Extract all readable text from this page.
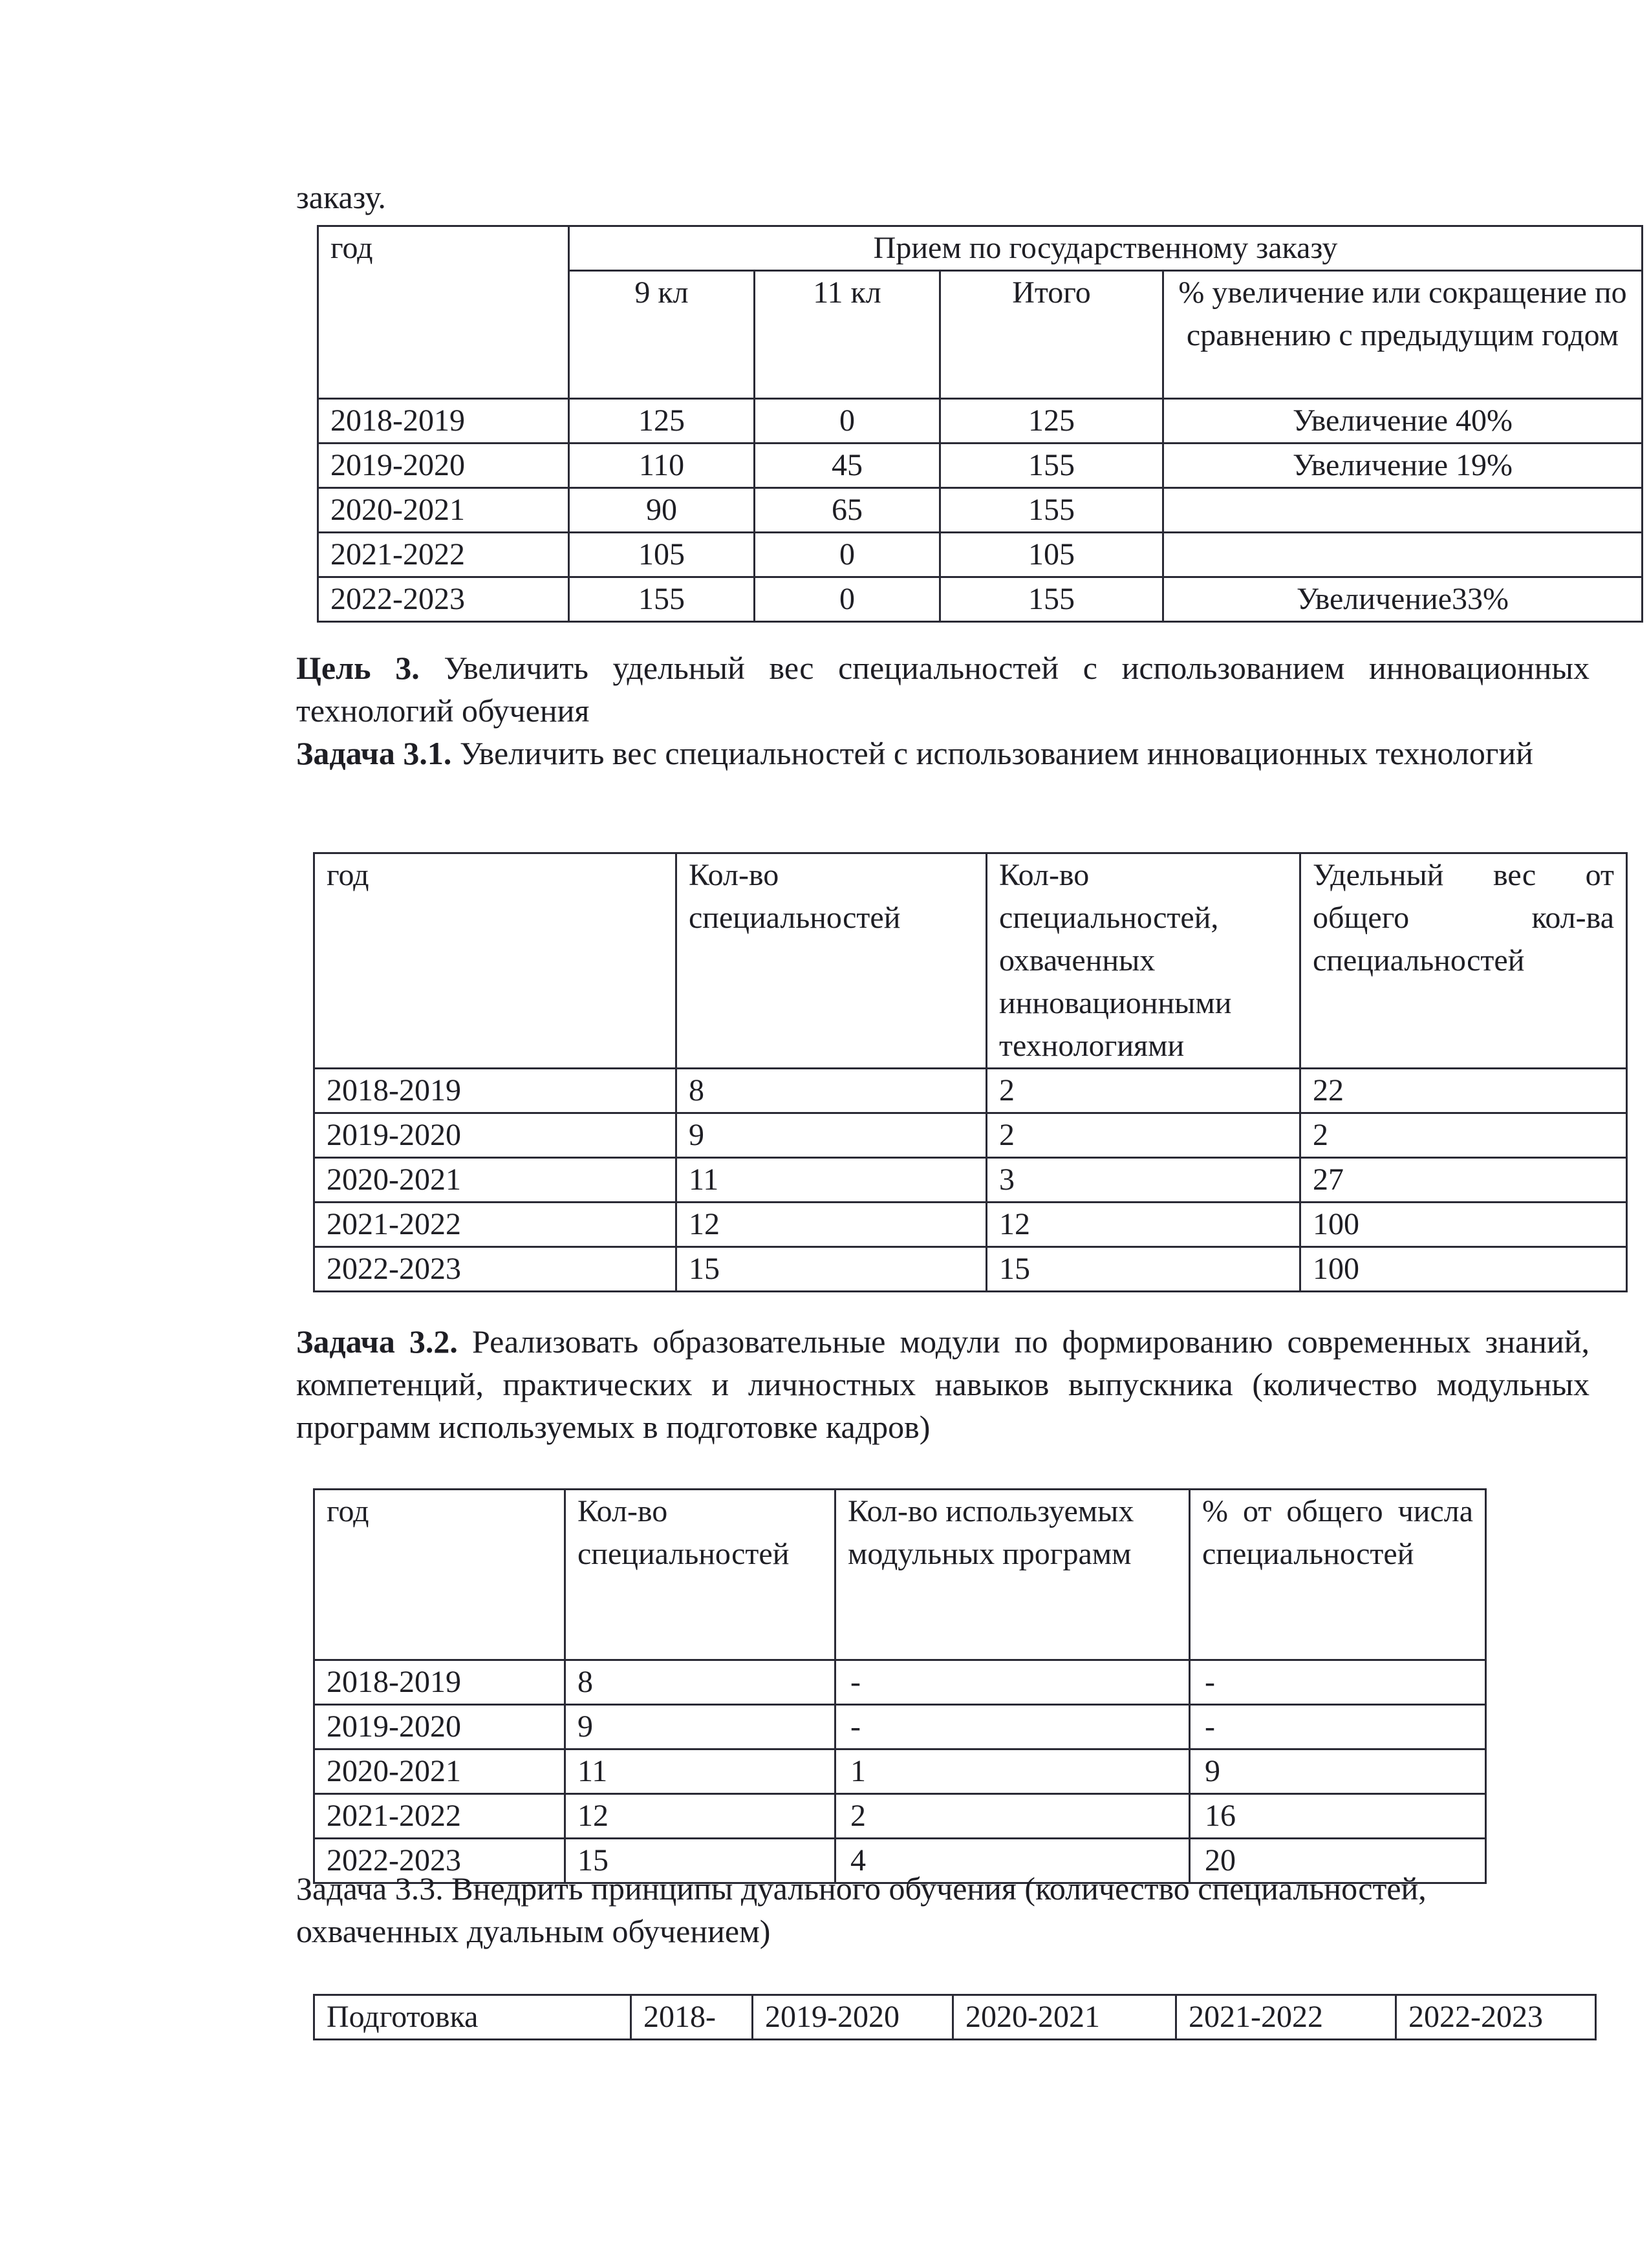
заказу.
год	Прием по государственному заказу			
	9 кл	11 кл	Итого	% увеличение или сокращение по сравнению с предыдущим годом
2018-2019	125	0	125	Увеличение 40%
2019-2020	110	45	155	Увеличение 19%
2020-2021	90	65	155	
2021-2022	105	0	105	
2022-2023	155	0	155	Увеличение33%
Цель 3. Увеличить удельный вес специальностей с использованием инновационных технологий обучения
Задача 3.1. Увеличить вес специальностей с использованием инновационных технологий
год	Кол-во специальностей	Кол-во специальностей, охваченных инновационными технологиями	Удельный вес от общего кол-ва специальностей
2018-2019	8	2	22
2019-2020	9	2	2
2020-2021	11	3	27
2021-2022	12	12	100
2022-2023	15	15	100
Задача 3.2. Реализовать образовательные модули по формированию современных знаний, компетенций, практических и личностных навыков выпускника (количество модульных программ используемых в подготовке кадров)
год	Кол-во специальностей	Кол-во используемых модульных программ	% от общего числа специальностей
2018-2019	8	-	-
2019-2020	9	-	-
2020-2021	11	1	9
2021-2022	12	2	16
2022-2023	15	4	20
Задача 3.3. Внедрить принципы дуального обучения (количество специальностей, охваченных дуальным обучением)
Подготовка	2018-	2019-2020	2020-2021	2021-2022	2022-2023
